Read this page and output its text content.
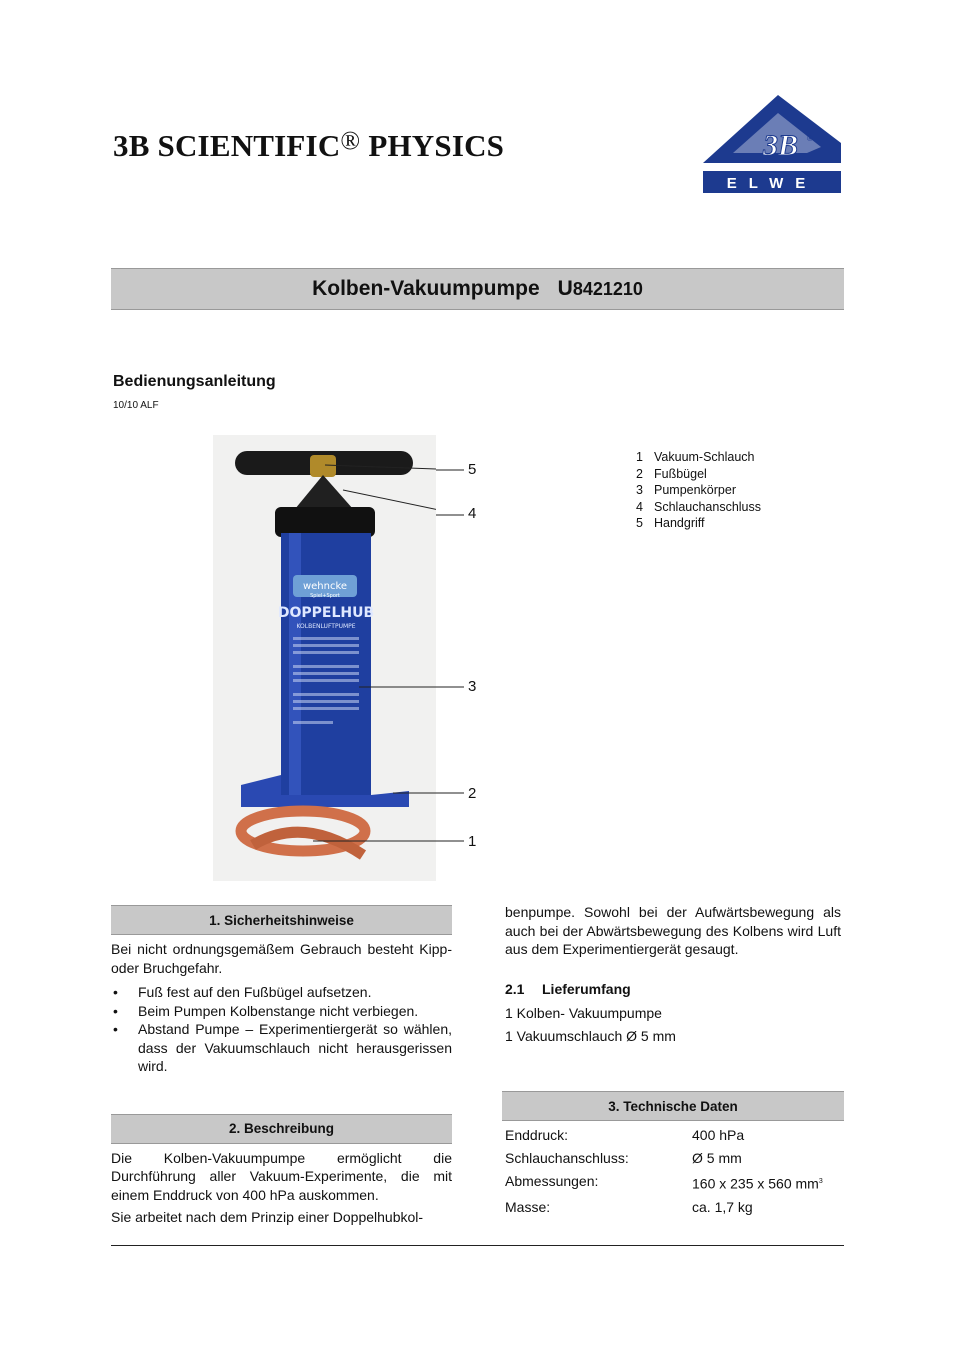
3B SCIENTIFIC® PHYSICS	3B ®
ELWE
Kolben-Vakuumpumpe U8421210
Bedienungsanleitung
10/10 ALF
wehncke
Spiel+Sport
DOPPELHUB
KOLBENLUFTPUMPE
5
4
3
2
1
1 Vakuum-Schlauch
2 Fußbügel
3 Pumpenkörper
4 Schlauchanschluss
5 Handgriff
1. Sicherheitshinweise
Bei nicht ordnungsgemäßem Gebrauch besteht Kipp- oder Bruchgefahr.
• Fuß fest auf den Fußbügel aufsetzen.
• Beim Pumpen Kolbenstange nicht verbiegen.
• Abstand Pumpe – Experimentiergerät so wählen, dass der Vakuumschlauch nicht herausgerissen wird.
2. Beschreibung
Die Kolben-Vakuumpumpe ermöglicht die Durchführung aller Vakuum-Experimente, die mit einem Enddruck von 400 hPa auskommen.
Sie arbeitet nach dem Prinzip einer Doppelhubkol-
benpumpe. Sowohl bei der Aufwärtsbewegung als auch bei der Abwärtsbewegung des Kolbens wird Luft aus dem Experimentiergerät gesaugt.
2.1 Lieferumfang
1 Kolben- Vakuumpumpe
1 Vakuumschlauch Ø 5 mm
3. Technische Daten
Enddruck:	400 hPa
Schlauchanschluss:	Ø 5 mm
Abmessungen:	160 x 235 x 560 $mm^3$
Masse:	ca. 1,7 kg
